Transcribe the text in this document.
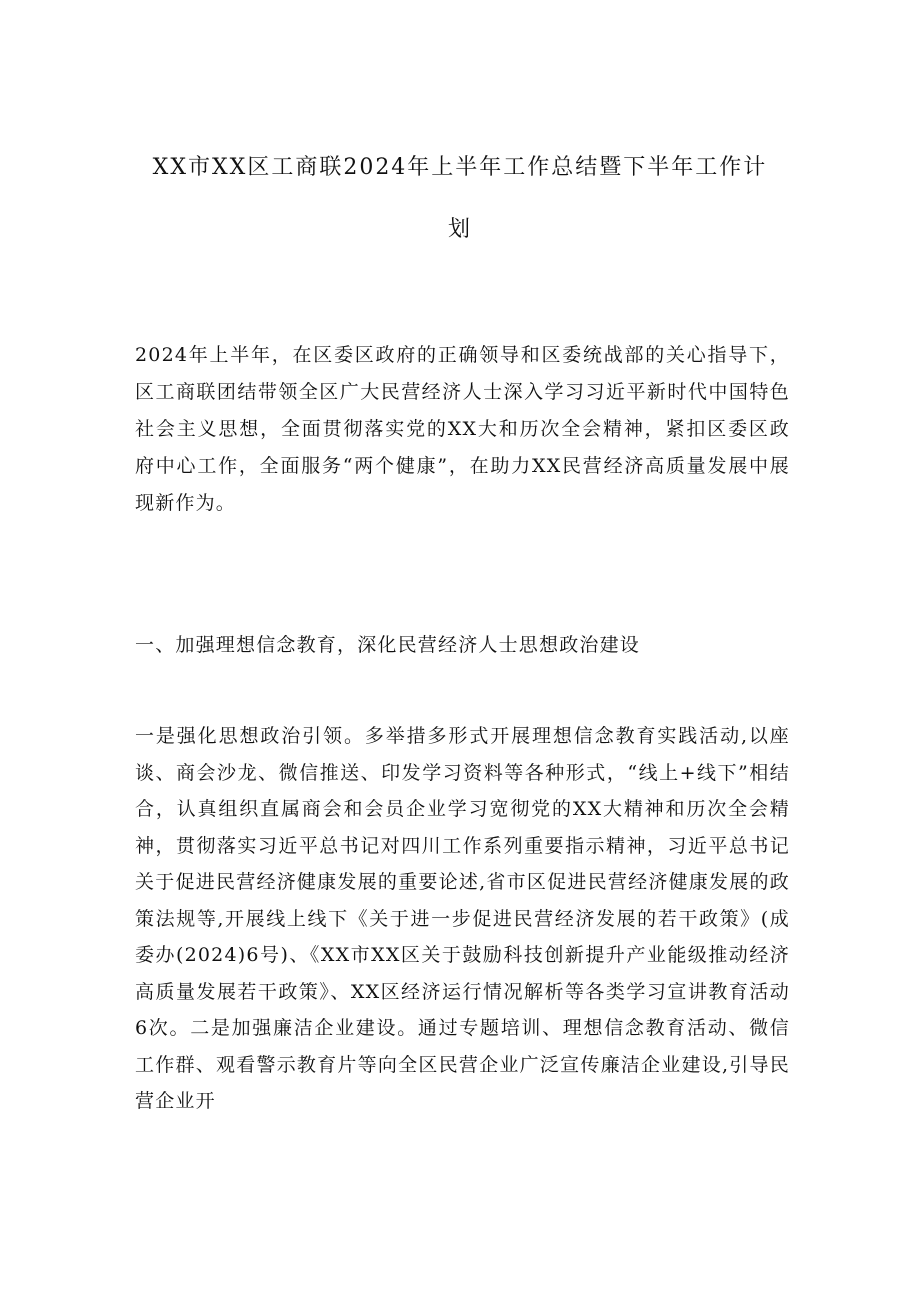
XX市XX区工商联2024年上半年工作总结暨下半年工作计
划

2024年上半年，在区委区政府的正确领导和区委统战部的关心指导下，区工商联团结带领全区广大民营经济人士深入学习习近平新时代中国特色社会主义思想，全面贯彻落实党的XX大和历次全会精神，紧扣区委区政府中心工作，全面服务“两个健康”，在助力XX民营经济高质量发展中展现新作为。

一、加强理想信念教育，深化民营经济人士思想政治建设

一是强化思想政治引领。多举措多形式开展理想信念教育实践活动,以座谈、商会沙龙、微信推送、印发学习资料等各种形式，“线上+线下”相结合，认真组织直属商会和会员企业学习宽彻党的XX大精神和历次全会精神，贯彻落实习近平总书记对四川工作系列重要指示精神，习近平总书记关于促进民营经济健康发展的重要论述,省市区促进民营经济健康发展的政策法规等,开展线上线下《关于进一步促进民营经济发展的若干政策》(成委办(2024)6号)、《XX市XX区关于鼓励科技创新提升产业能级推动经济高质量发展若干政策》、XX区经济运行情况解析等各类学习宣讲教育活动6次。二是加强廉洁企业建设。通过专题培训、理想信念教育活动、微信工作群、观看警示教育片等向全区民营企业广泛宣传廉洁企业建设,引导民营企业开
